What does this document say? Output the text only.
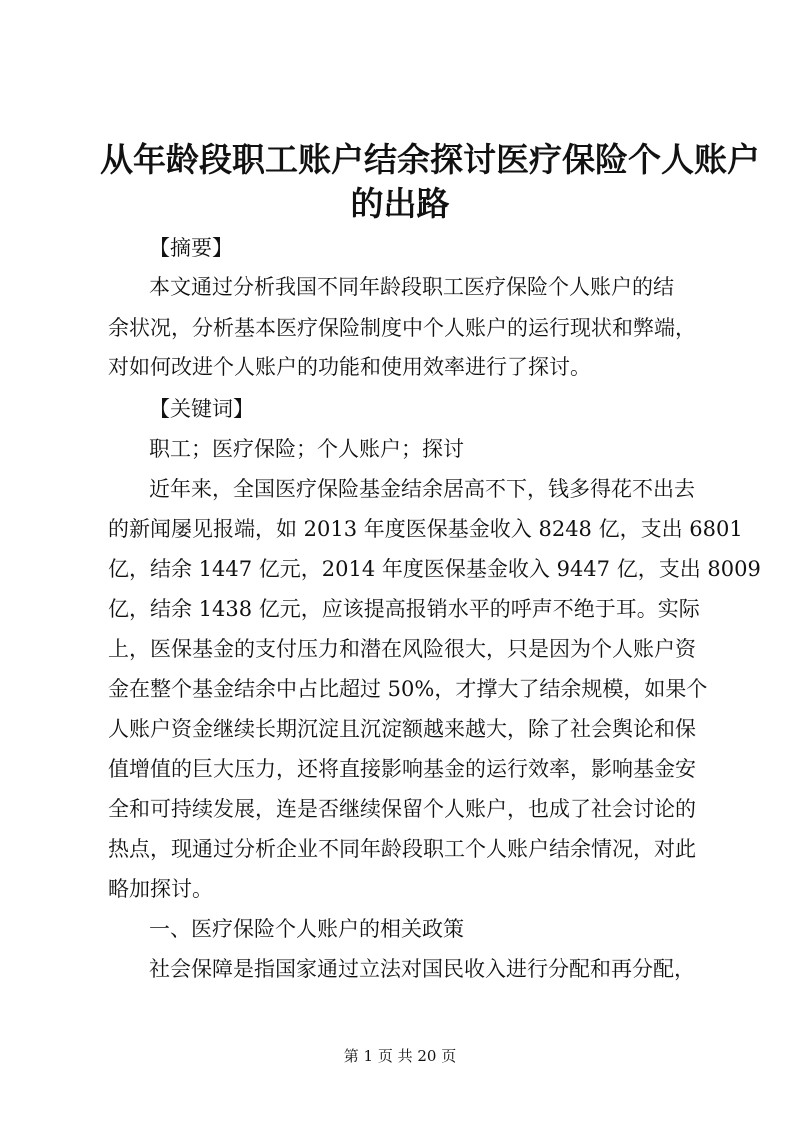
从年龄段职工账户结余探讨医疗保险个人账户
的出路

【摘要】

本文通过分析我国不同年龄段职工医疗保险个人账户的结

余状况，分析基本医疗保险制度中个人账户的运行现状和弊端，

对如何改进个人账户的功能和使用效率进行了探讨。

【关键词】

职工；医疗保险；个人账户；探讨

近年来，全国医疗保险基金结余居高不下，钱多得花不出去

的新闻屡见报端，如 2013 年度医保基金收入 8248 亿，支出 6801

亿，结余 1447 亿元，2014 年度医保基金收入 9447 亿，支出 8009

亿，结余 1438 亿元，应该提高报销水平的呼声不绝于耳。实际

上，医保基金的支付压力和潜在风险很大，只是因为个人账户资

金在整个基金结余中占比超过 50%，才撑大了结余规模，如果个

人账户资金继续长期沉淀且沉淀额越来越大，除了社会舆论和保

值增值的巨大压力，还将直接影响基金的运行效率，影响基金安

全和可持续发展，连是否继续保留个人账户，也成了社会讨论的

热点，现通过分析企业不同年龄段职工个人账户结余情况，对此

略加探讨。

一、医疗保险个人账户的相关政策

社会保障是指国家通过立法对国民收入进行分配和再分配，

第 1 页 共 20 页
